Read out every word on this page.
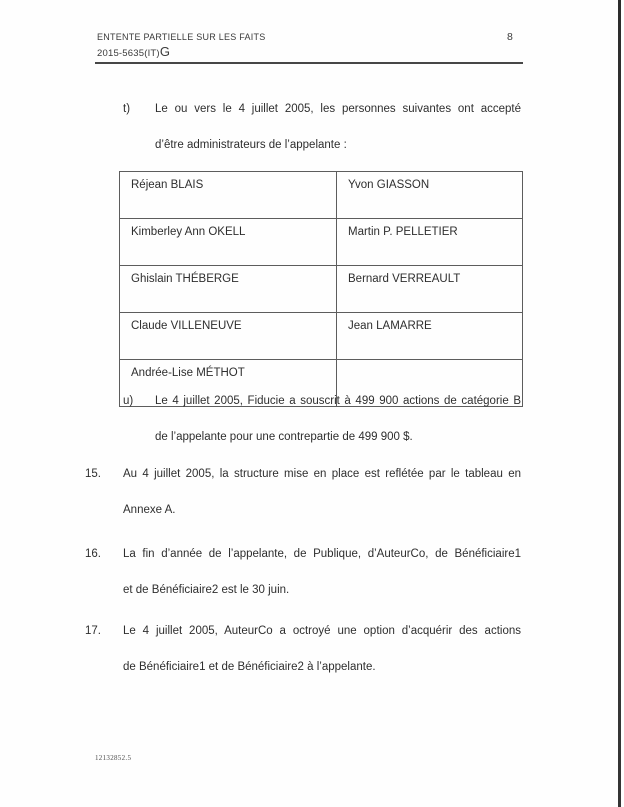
ENTENTE PARTIELLE SUR LES FAITS
2015-5635(IT)G
8
t) Le ou vers le 4 juillet 2005, les personnes suivantes ont accepté
d’être administrateurs de l’appelante :
Réjean BLAIS	Yvon GIASSON
Kimberley Ann OKELL	Martin P. PELLETIER
Ghislain THÉBERGE	Bernard VERREAULT
Claude VILLENEUVE	Jean LAMARRE
Andrée-Lise MÉTHOT	
u) Le 4 juillet 2005, Fiducie a souscrit à 499 900 actions de catégorie B
de l’appelante pour une contrepartie de 499 900 $.
15. Au 4 juillet 2005, la structure mise en place est reflétée par le tableau en
Annexe A.
16. La fin d’année de l’appelante, de Publique, d’AuteurCo, de Bénéficiaire1
et de Bénéficiaire2 est le 30 juin.
17. Le 4 juillet 2005, AuteurCo a octroyé une option d’acquérir des actions
de Bénéficiaire1 et de Bénéficiaire2 à l’appelante.
12132852.5
